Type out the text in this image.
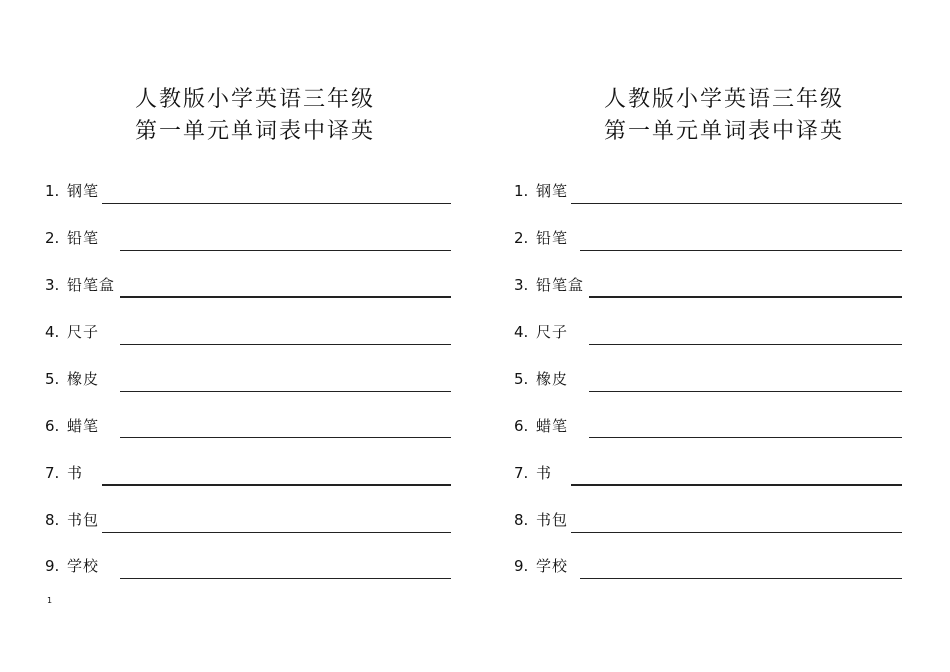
人教版小学英语三年级
第一单元单词表中译英
1. 钢笔
2. 铅笔
3. 铅笔盒
4. 尺子
5. 橡皮
6. 蜡笔
7. 书
8. 书包
9. 学校
人教版小学英语三年级
第一单元单词表中译英
1. 钢笔
2. 铅笔
3. 铅笔盒
4. 尺子
5. 橡皮
6. 蜡笔
7. 书
8. 书包
9. 学校
1
